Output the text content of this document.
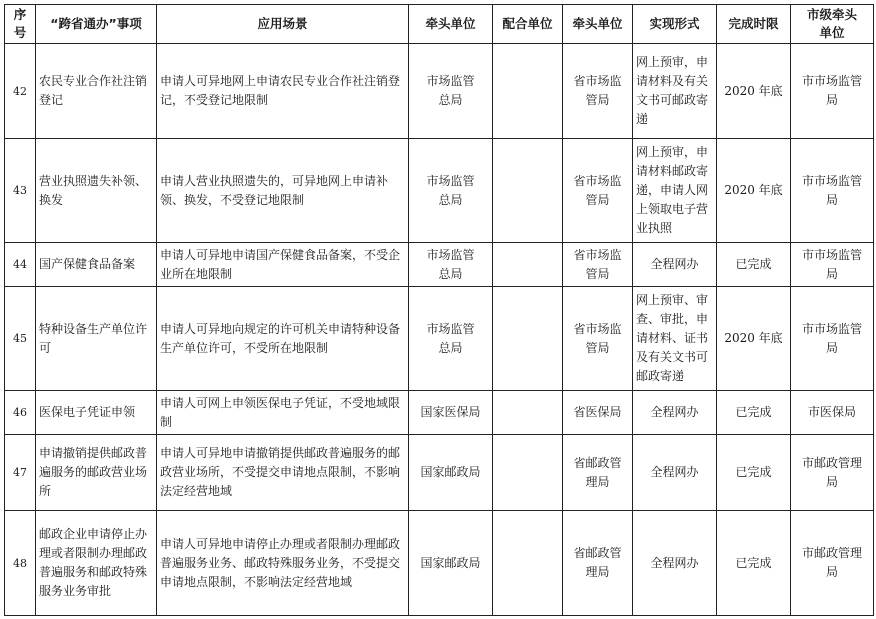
序号	“跨省通办”事项	应用场景	牵头单位	配合单位	牵头单位	实现形式	完成时限	市级牵头单位
42	农民专业合作社注销登记	申请人可异地网上申请农民专业合作社注销登记，不受登记地限制	市场监管总局		省市场监管局	网上预审，申请材料及有关文书可邮政寄递	2020 年底	市市场监管局
43	营业执照遗失补领、换发	申请人营业执照遗失的，可异地网上申请补领、换发，不受登记地限制	市场监管总局		省市场监管局	网上预审，申请材料邮政寄递，申请人网上领取电子营业执照	2020 年底	市市场监管局
44	国产保健食品备案	申请人可异地申请国产保健食品备案，不受企业所在地限制	市场监管总局		省市场监管局	全程网办	已完成	市市场监管局
45	特种设备生产单位许可	申请人可异地向规定的许可机关申请特种设备生产单位许可，不受所在地限制	市场监管总局		省市场监管局	网上预审、审查、审批，申请材料、证书及有关文书可邮政寄递	2020 年底	市市场监管局
46	医保电子凭证申领	申请人可网上申领医保电子凭证，不受地域限制	国家医保局		省医保局	全程网办	已完成	市医保局
47	申请撤销提供邮政普遍服务的邮政营业场所	申请人可异地申请撤销提供邮政普遍服务的邮政营业场所，不受提交申请地点限制，不影响法定经营地域	国家邮政局		省邮政管理局	全程网办	已完成	市邮政管理局
48	邮政企业申请停止办理或者限制办理邮政普遍服务和邮政特殊服务业务审批	申请人可异地申请停止办理或者限制办理邮政普遍服务业务、邮政特殊服务业务，不受提交申请地点限制，不影响法定经营地域	国家邮政局		省邮政管理局	全程网办	已完成	市邮政管理局
